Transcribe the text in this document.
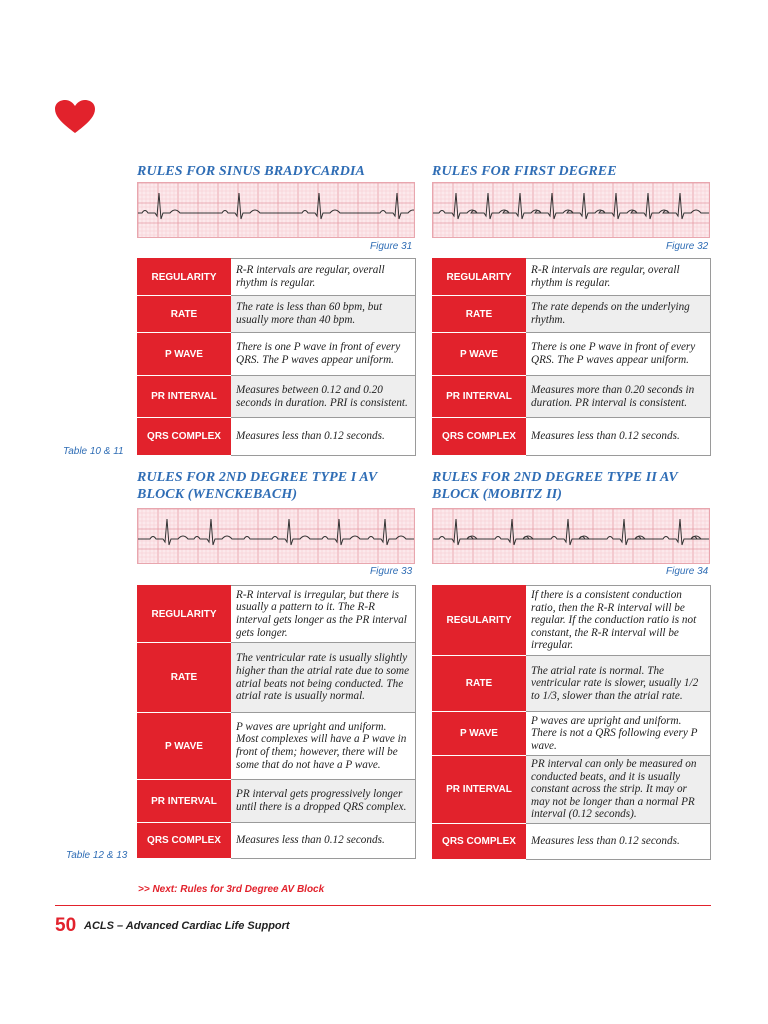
RULES FOR SINUS BRADYCARDIA
Figure 31
REGULARITY	R-R intervals are regular, overall rhythm is regular.
RATE	The rate is less than 60 bpm, but usually more than 40 bpm.
P WAVE	There is one P wave in front of every QRS. The P waves appear uniform.
PR INTERVAL	Measures between 0.12 and 0.20 seconds in duration. PRI is consistent.
QRS COMPLEX	Measures less than 0.12 seconds.
RULES FOR FIRST DEGREE
Figure 32
REGULARITY	R-R intervals are regular, overall rhythm is regular.
RATE	The rate depends on the underlying rhythm.
P WAVE	There is one P wave in front of every QRS. The P waves appear uniform.
PR INTERVAL	Measures more than 0.20 seconds in duration. PR interval is consistent.
QRS COMPLEX	Measures less than 0.12 seconds.
Table 10 & 11
RULES FOR 2ND DEGREE TYPE I AV BLOCK (WENCKEBACH)
Figure 33
REGULARITY	R-R interval is irregular, but there is usually a pattern to it. The R-R interval gets longer as the PR interval gets longer.
RATE	The ventricular rate is usually slightly higher than the atrial rate due to some atrial beats not being conducted. The atrial rate is usually normal.
P WAVE	P waves are upright and uniform. Most complexes will have a P wave in front of them; however, there will be some that do not have a P wave.
PR INTERVAL	PR interval gets progressively longer until there is a dropped QRS complex.
QRS COMPLEX	Measures less than 0.12 seconds.
RULES FOR 2ND DEGREE TYPE II AV BLOCK (MOBITZ II)
Figure 34
REGULARITY	If there is a consistent conduction ratio, then the R-R interval will be regular. If the conduction ratio is not constant, the R-R interval will be irregular.
RATE	The atrial rate is normal. The ventricular rate is slower, usually 1/2 to 1/3, slower than the atrial rate.
P WAVE	P waves are upright and uniform. There is not a QRS following every P wave.
PR INTERVAL	PR interval can only be measured on conducted beats, and it is usually constant across the strip. It may or may not be longer than a normal PR interval (0.12 seconds).
QRS COMPLEX	Measures less than 0.12 seconds.
Table 12 & 13
>> Next: Rules for 3rd Degree AV Block
50 ACLS – Advanced Cardiac Life Support
